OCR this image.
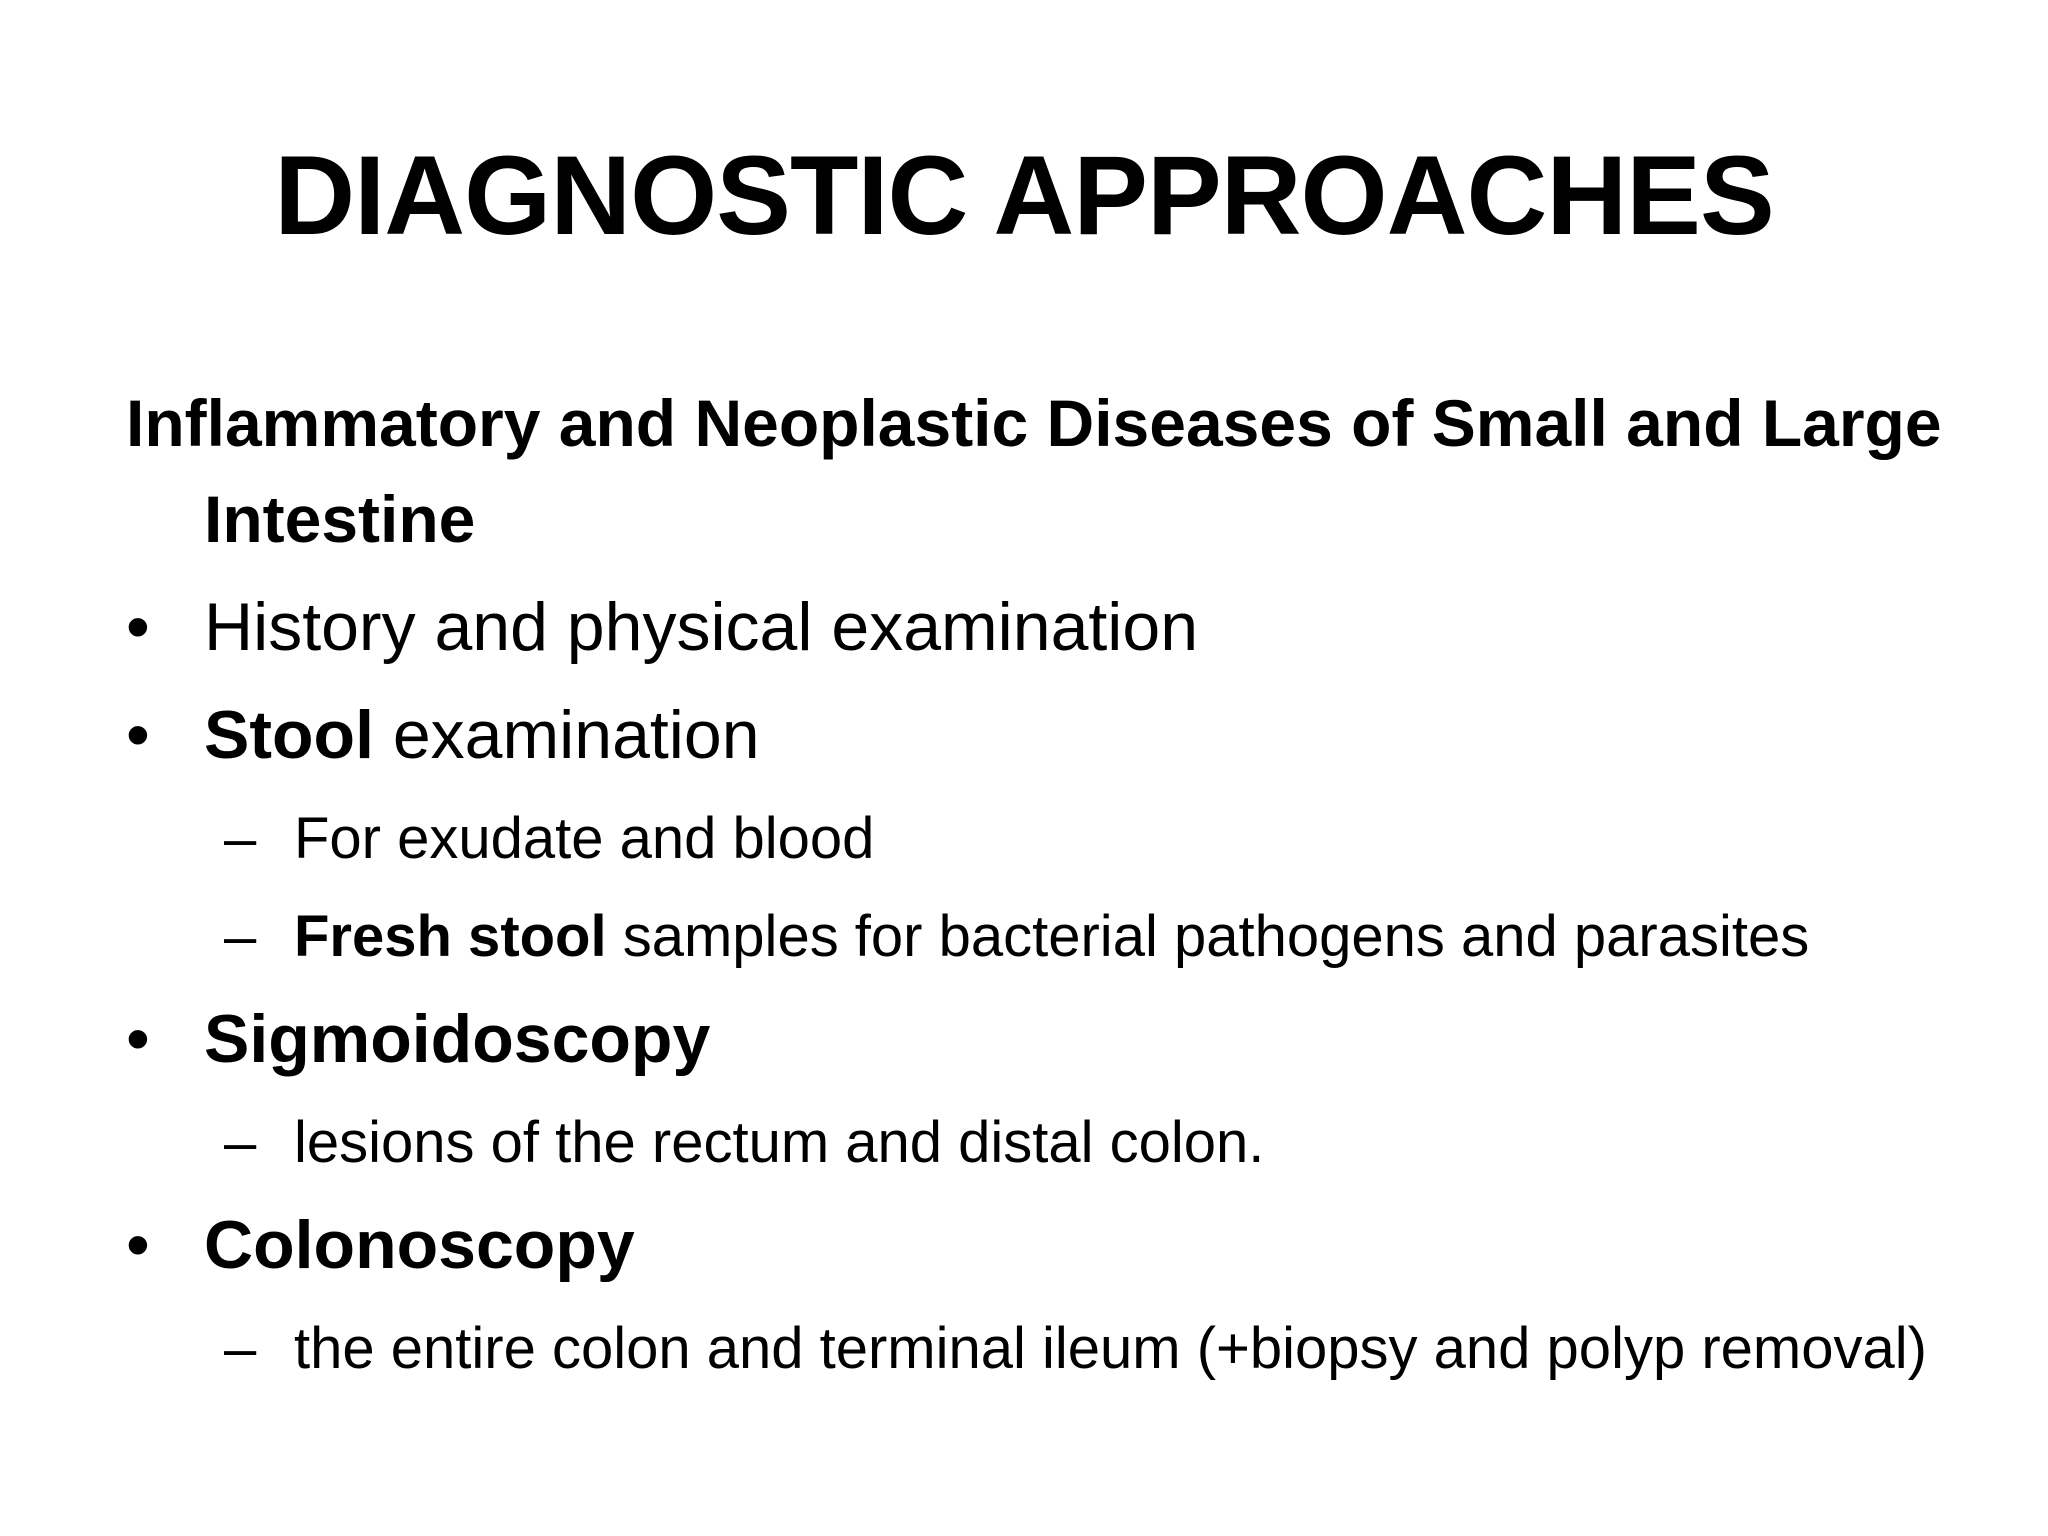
DIAGNOSTIC APPROACHES
Inflammatory and Neoplastic Diseases of Small and Large Intestine
• History and physical examination
• Stool examination
– For exudate and blood
– Fresh stool samples for bacterial pathogens and parasites
• Sigmoidoscopy
– lesions of the rectum and distal colon.
• Colonoscopy
– the entire colon and terminal ileum (+biopsy and polyp removal)
